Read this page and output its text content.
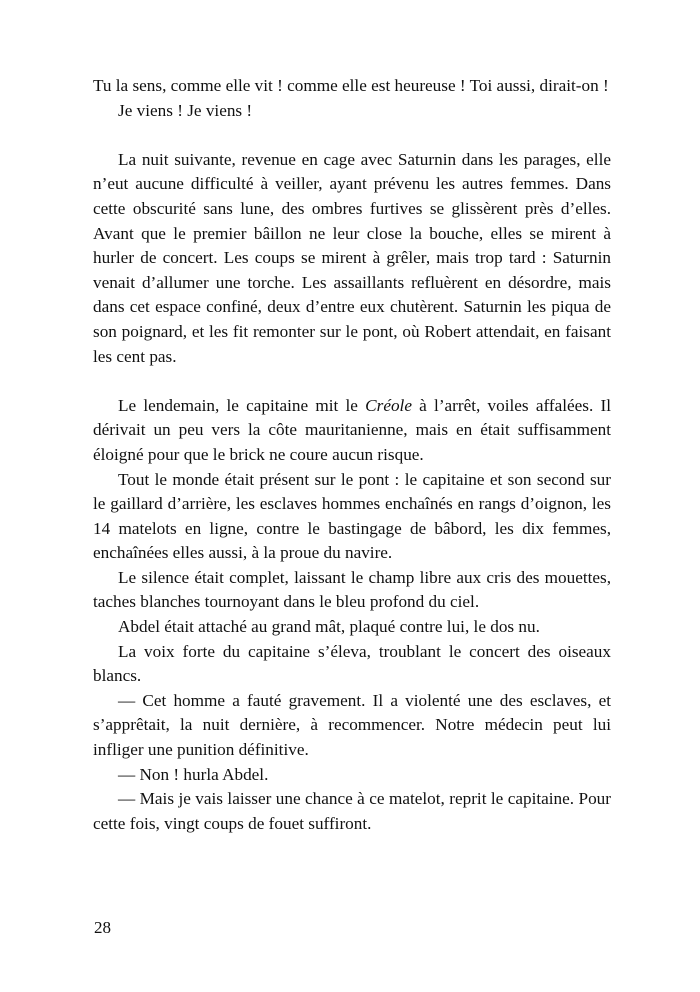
Tu la sens, comme elle vit ! comme elle est heureuse ! Toi aussi, dirait-on !

Je viens ! Je viens !

La nuit suivante, revenue en cage avec Saturnin dans les parages, elle n’eut aucune difficulté à veiller, ayant prévenu les autres femmes. Dans cette obscurité sans lune, des ombres furtives se glissèrent près d’elles. Avant que le premier bâillon ne leur close la bouche, elles se mirent à hurler de concert. Les coups se mirent à grêler, mais trop tard : Saturnin venait d’allumer une torche. Les assaillants refluèrent en désordre, mais dans cet espace confiné, deux d’entre eux chutèrent. Saturnin les piqua de son poignard, et les fit remonter sur le pont, où Robert attendait, en faisant les cent pas.

Le lendemain, le capitaine mit le Créole à l’arrêt, voiles affalées. Il dérivait un peu vers la côte mauritanienne, mais en était suffisamment éloigné pour que le brick ne coure aucun risque.

Tout le monde était présent sur le pont : le capitaine et son second sur le gaillard d’arrière, les esclaves hommes enchaînés en rangs d’oignon, les 14 matelots en ligne, contre le bastingage de bâbord, les dix femmes, enchaînées elles aussi, à la proue du navire.

Le silence était complet, laissant le champ libre aux cris des mouettes, taches blanches tournoyant dans le bleu profond du ciel.

Abdel était attaché au grand mât, plaqué contre lui, le dos nu.

La voix forte du capitaine s’éleva, troublant le concert des oiseaux blancs.

— Cet homme a fauté gravement. Il a violenté une des esclaves, et s’apprêtait, la nuit dernière, à recommencer. Notre médecin peut lui infliger une punition définitive.

— Non ! hurla Abdel.

— Mais je vais laisser une chance à ce matelot, reprit le capitaine. Pour cette fois, vingt coups de fouet suffiront.

28
